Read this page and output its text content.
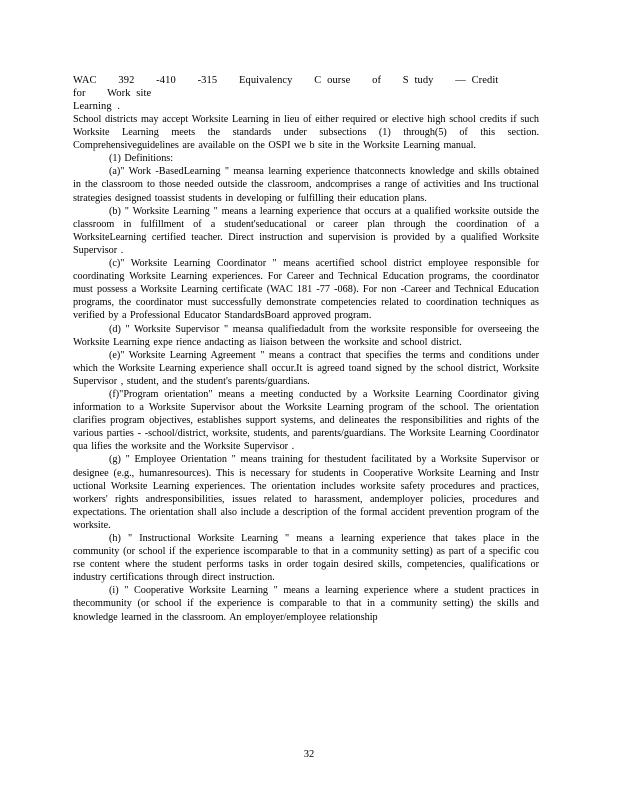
WAC 392 -410 -315 Equivalency C ourse of S tudy — Credit for Work site
Learning .

School districts may accept Worksite Learning in lieu of either required or elective high school credits if such Worksite Learning meets the standards under subsections (1) through(5) of this section. Comprehensiveguidelines are available on the OSPI we b site in the Worksite Learning manual.

(1) Definitions:

(a)" Work -BasedLearning " meansa learning experience thatconnects knowledge and skills obtained in the classroom to those needed outside the classroom, andcomprises a range of activities and Ins tructional strategies designed toassist students in developing or fulfilling their education plans.

(b) " Worksite Learning " means a learning experience that occurs at a qualified worksite outside the classroom in fulfillment of a student'seducational or career plan through the coordination of a WorksiteLearning certified teacher. Direct instruction and supervision is provided by a qualified Worksite Supervisor .

(c)" Worksite Learning Coordinator " means acertified school district employee responsible for coordinating Worksite Learning experiences. For Career and Technical Education programs, the coordinator must possess a Worksite Learning certificate (WAC 181 -77 -068). For non -Career and Technical Education programs, the coordinator must successfully demonstrate competencies related to coordination techniques as verified by a Professional Educator StandardsBoard approved program.

(d) " Worksite Supervisor " meansa qualifiedadult from the worksite responsible for overseeing the Worksite Learning expe rience andacting as liaison between the worksite and school district.

(e)" Worksite Learning Agreement " means a contract that specifies the terms and conditions under which the Worksite Learning experience shall occur.It is agreed toand signed by the school district, Worksite Supervisor , student, and the student's parents/guardians.

(f)"Program orientation" means a meeting conducted by a Worksite Learning Coordinator giving information to a Worksite Supervisor about the Worksite Learning program of the school. The orientation clarifies program objectives, establishes support systems, and delineates the responsibilities and rights of the various parties - -school/district, worksite, students, and parents/guardians. The Worksite Learning Coordinator qua lifies the worksite and the Worksite Supervisor .

(g) " Employee Orientation " means training for thestudent facilitated by a Worksite Supervisor or designee (e.g., humanresources). This is necessary for students in Cooperative Worksite Learning and Instr uctional Worksite Learning experiences. The orientation includes worksite safety procedures and practices, workers' rights andresponsibilities, issues related to harassment, andemployer policies, procedures and expectations. The orientation shall also include a description of the formal accident prevention program of the worksite.

(h) " Instructional Worksite Learning " means a learning experience that takes place in the community (or school if the experience iscomparable to that in a community setting) as part of a specific cou rse content where the student performs tasks in order togain desired skills, competencies, qualifications or industry certifications through direct instruction.

(i) " Cooperative Worksite Learning " means a learning experience where a student practices in thecommunity (or school if the experience is comparable to that in a community setting) the skills and knowledge learned in the classroom. An employer/employee relationship

32
